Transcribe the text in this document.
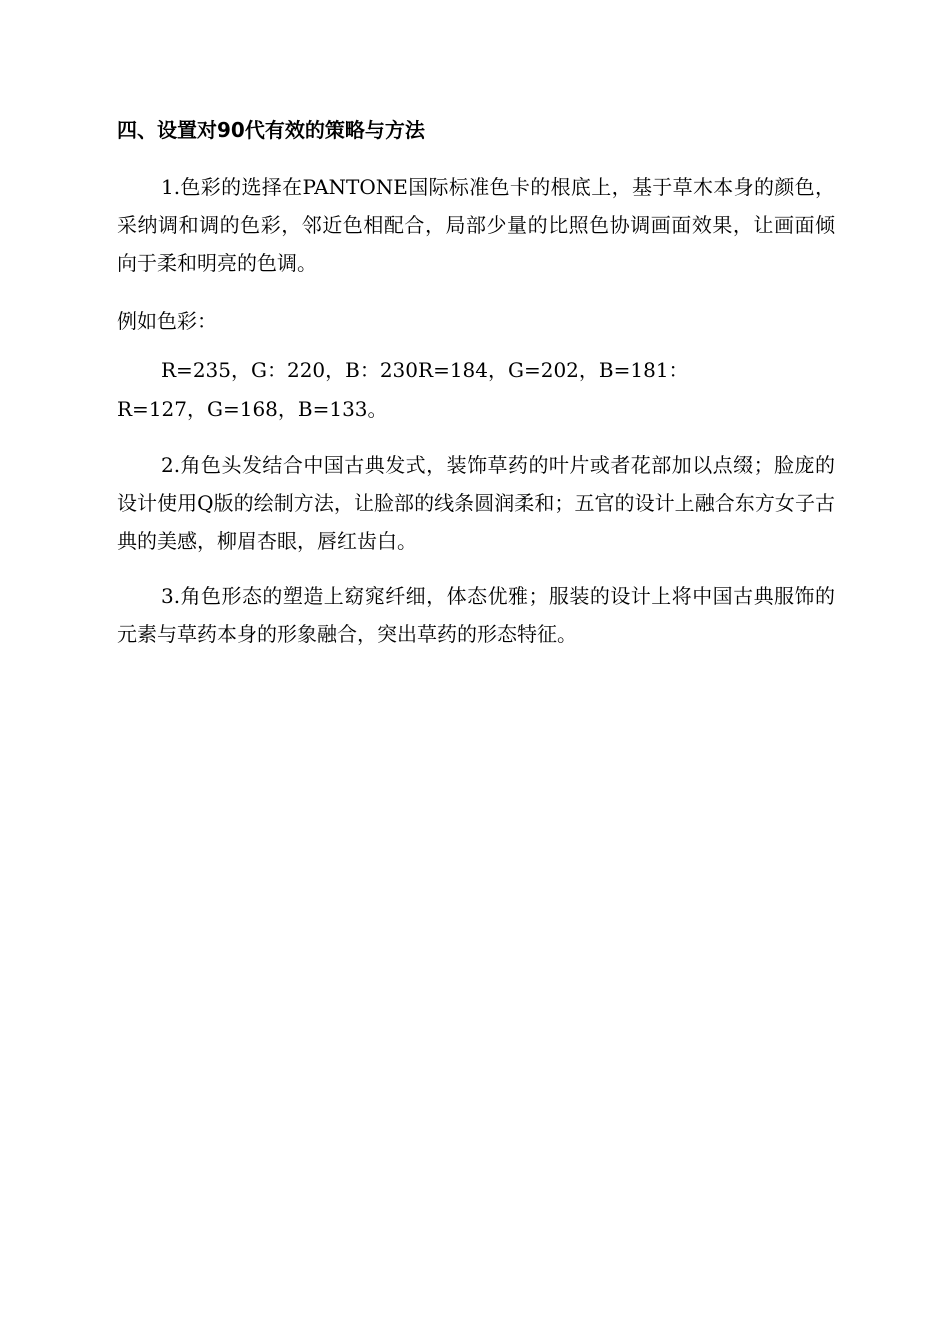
四、设置对90代有效的策略与方法
1.色彩的选择在PANTONE国际标准色卡的根底上，基于草木本身的颜色，采纳调和调的色彩，邻近色相配合，局部少量的比照色协调画面效果，让画面倾向于柔和明亮的色调。
例如色彩：
R=235，G：220，B：230R=184，G=202，B=181：
R=127，G=168，B=133。
2.角色头发结合中国古典发式，装饰草药的叶片或者花部加以点缀；脸庞的设计使用Q版的绘制方法，让脸部的线条圆润柔和；五官的设计上融合东方女子古典的美感，柳眉杏眼，唇红齿白。
3.角色形态的塑造上窈窕纤细，体态优雅；服装的设计上将中国古典服饰的元素与草药本身的形象融合，突出草药的形态特征。
